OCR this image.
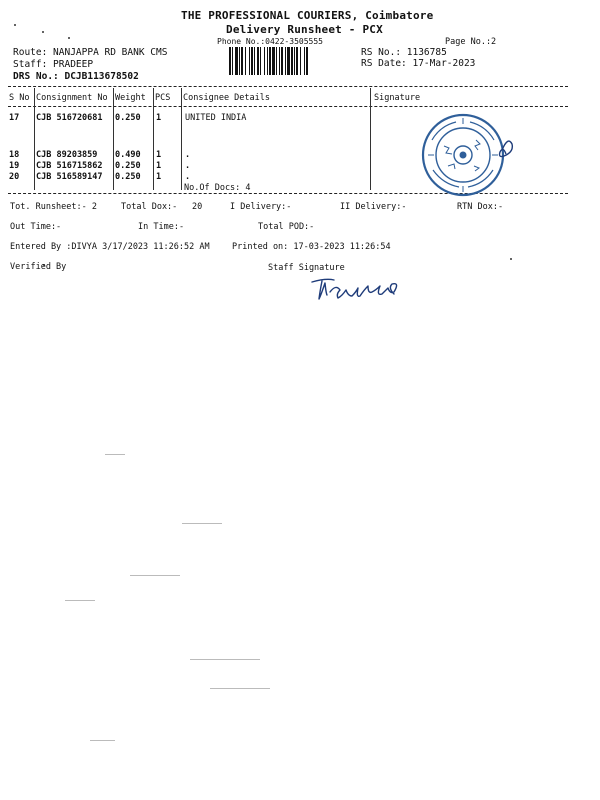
THE PROFESSIONAL COURIERS, Coimbatore
Delivery Runsheet - PCX
Phone No.:0422-3505555	Page No.:2
Route: NANJAPPA RD BANK CMS
Staff: PRADEEP
DRS No.: DCJB113678502
RS No.: 1136785
RS Date: 17-Mar-2023
S No Consignment No Weight PCS Consignee Details	Signature
17 CJB 516720681 0.250 1	UNITED INDIA
18 CJB 89203859 0.490 1	.
19 CJB 516715862 0.250 1	.
20 CJB 516589147 0.250 1	.
No.Of Docs: 4
Tot. Runsheet:- 2	Total Dox:- 20	I Delivery:-	II Delivery:-	RTN Dox:-
Out Time:-	In Time:-	Total POD:-
Entered By :DIVYA 3/17/2023 11:26:52 AM	Printed on: 17-03-2023 11:26:54
Verified By	Staff Signature
